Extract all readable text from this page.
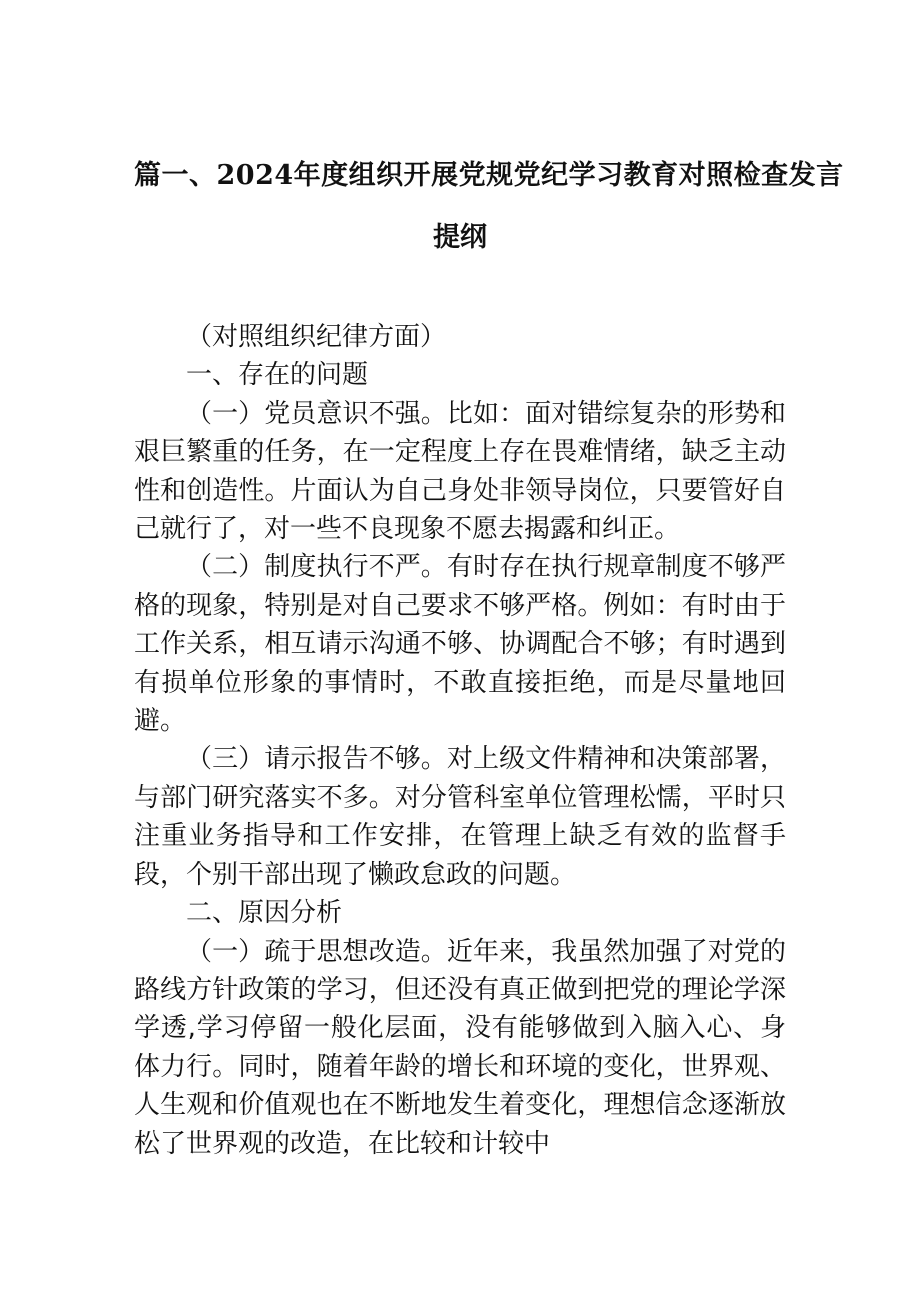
篇一、2024年度组织开展党规党纪学习教育对照检查发言
提纲

（对照组织纪律方面）

一、存在的问题

（一）党员意识不强。比如：面对错综复杂的形势和艰巨繁重的任务，在一定程度上存在畏难情绪，缺乏主动性和创造性。片面认为自己身处非领导岗位，只要管好自己就行了，对一些不良现象不愿去揭露和纠正。

（二）制度执行不严。有时存在执行规章制度不够严格的现象，特别是对自己要求不够严格。例如：有时由于工作关系，相互请示沟通不够、协调配合不够；有时遇到有损单位形象的事情时，不敢直接拒绝，而是尽量地回避。

（三）请示报告不够。对上级文件精神和决策部署，与部门研究落实不多。对分管科室单位管理松懦，平时只注重业务指导和工作安排，在管理上缺乏有效的监督手段，个别干部出现了懒政怠政的问题。

二、原因分析

（一）疏于思想改造。近年来，我虽然加强了对党的路线方针政策的学习，但还没有真正做到把党的理论学深学透,学习停留一般化层面，没有能够做到入脑入心、身体力行。同时，随着年龄的增长和环境的变化，世界观、人生观和价值观也在不断地发生着变化，理想信念逐渐放松了世界观的改造，在比较和计较中
